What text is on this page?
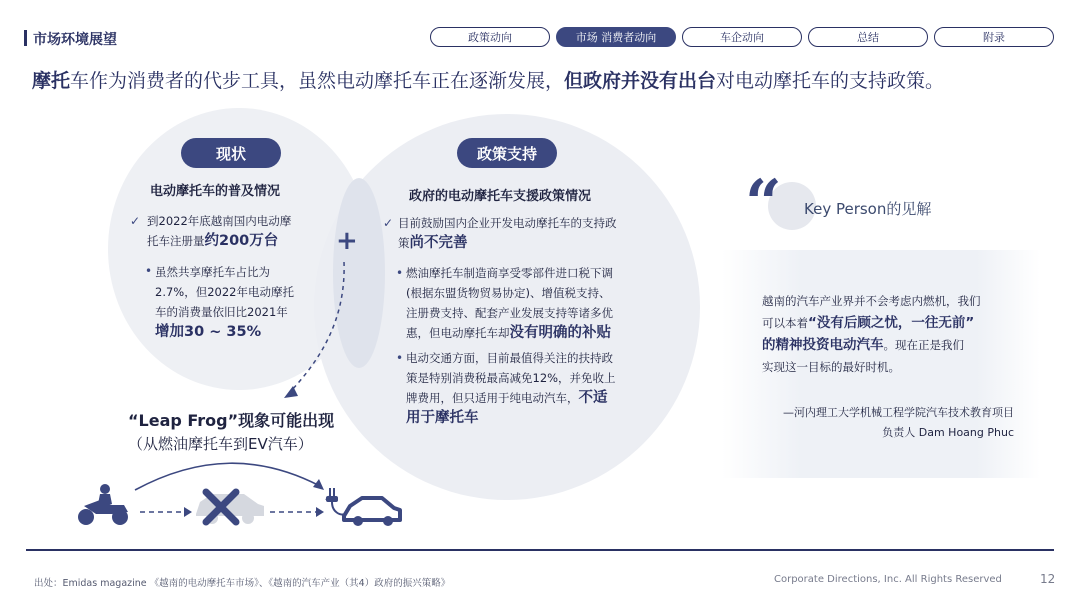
市场环境展望	政策动向	市场 消费者动向	车企动向	总结	附录
摩托车作为消费者的代步工具，虽然电动摩托车正在逐渐发展，但政府并没有出台对电动摩托车的支持政策。
现状
电动摩托车的普及情况
✓ 到2022年底越南国内电动摩
托车注册量约200万台
• 虽然共享摩托车占比为
2.7%，但2022年电动摩托
车的消费量依旧比2021年
增加30 ~ 35%
+
政策支持
政府的电动摩托车支援政策情况
✓ 目前鼓励国内企业开发电动摩托车的支持政
策尚不完善
• 燃油摩托车制造商享受零部件进口税下调
(根据东盟货物贸易协定)、增值税支持、
注册费支持、配套产业发展支持等诸多优
惠，但电动摩托车却没有明确的补贴
• 电动交通方面，目前最值得关注的扶持政
策是特别消费税最高减免12%，并免收上
牌费用，但只适用于纯电动汽车，不适
用于摩托车
“Leap Frog”现象可能出现
（从燃油摩托车到EV汽车）
“ Key Person的见解
越南的汽车产业界并不会考虑内燃机，我们
可以本着“没有后顾之忧，一往无前”
的精神投资电动汽车。现在正是我们
实现这一目标的最好时机。
—河内理工大学机械工程学院汽车技术教育项目
负责人 Dam Hoang Phuc
出处：Emidas magazine 《越南的电动摩托车市场》、《越南的汽车产业（其4）政府的振兴策略》	Corporate Directions, Inc. All Rights Reserved	12
